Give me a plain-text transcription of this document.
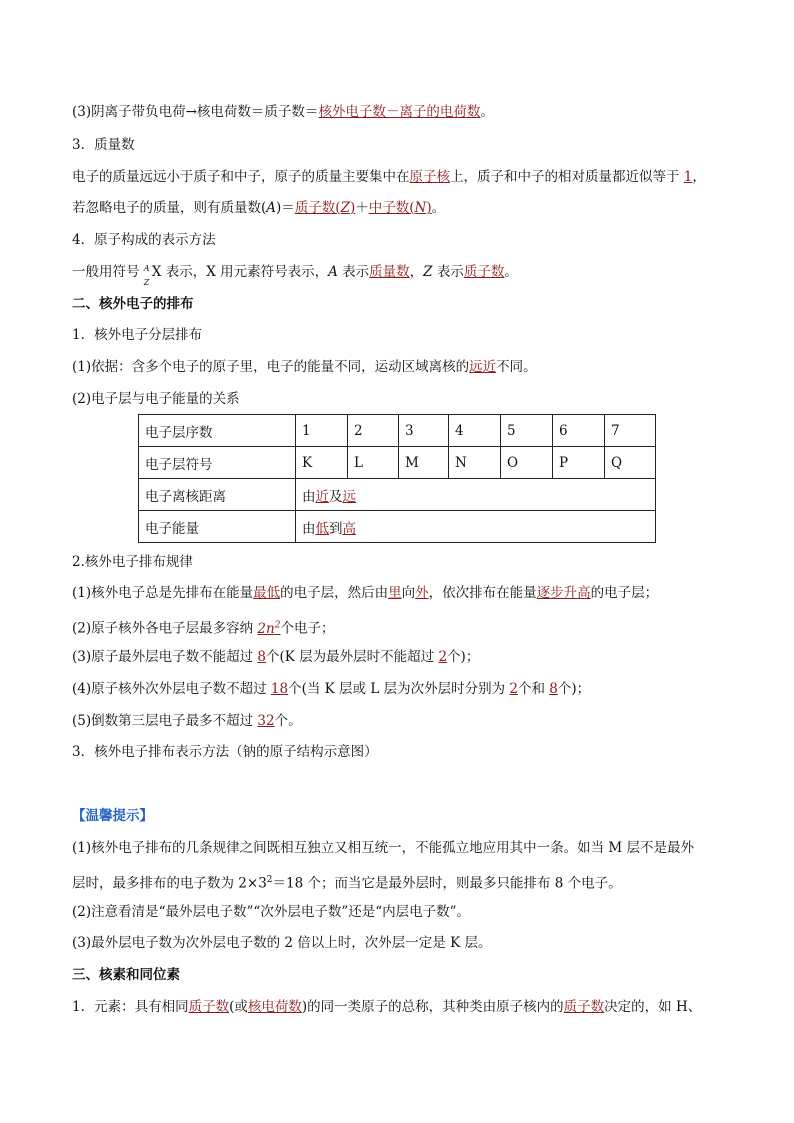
(3)阴离子带负电荷→核电荷数＝质子数＝核外电子数－离子的电荷数。
3．质量数
电子的质量远远小于质子和中子，原子的质量主要集中在原子核上，质子和中子的相对质量都近似等于 1，
若忽略电子的质量，则有质量数(A)＝质子数(Z)＋中子数(N)。
4．原子构成的表示方法
一般用符号 A
Z
X 表示，X 用元素符号表示，A 表示质量数，Z 表示质子数。
二、核外电子的排布
1．核外电子分层排布
(1)依据：含多个电子的原子里，电子的能量不同，运动区域离核的远近不同。
(2)电子层与电子能量的关系
电子层序数	1	2	3	4	5	6	7
电子层符号	K	L	M	N	O	P	Q
电子离核距离	由近及远						
电子能量	由低到高						
2.核外电子排布规律
(1)核外电子总是先排布在能量最低的电子层，然后由里向外，依次排布在能量逐步升高的电子层；
(2)原子核外各电子层最多容纳 $2n^2$个电子；
(3)原子最外层电子数不能超过 8个(K 层为最外层时不能超过 2个)；
(4)原子核外次外层电子数不超过 18个(当 K 层或 L 层为次外层时分别为 2个和 8个)；
(5)倒数第三层电子最多不超过 32个。
3．核外电子排布表示方法（钠的原子结构示意图）
【温馨提示】
(1)核外电子排布的几条规律之间既相互独立又相互统一，不能孤立地应用其中一条。如当 M 层不是最外
层时，最多排布的电子数为 $2\times 3^2=18$ 个；而当它是最外层时，则最多只能排布 8 个电子。
(2)注意看清是“最外层电子数”“次外层电子数”还是“内层电子数”。
(3)最外层电子数为次外层电子数的 2 倍以上时，次外层一定是 K 层。
三、核素和同位素
1．元素：具有相同质子数(或核电荷数)的同一类原子的总称，其种类由原子核内的质子数决定的，如 H、
